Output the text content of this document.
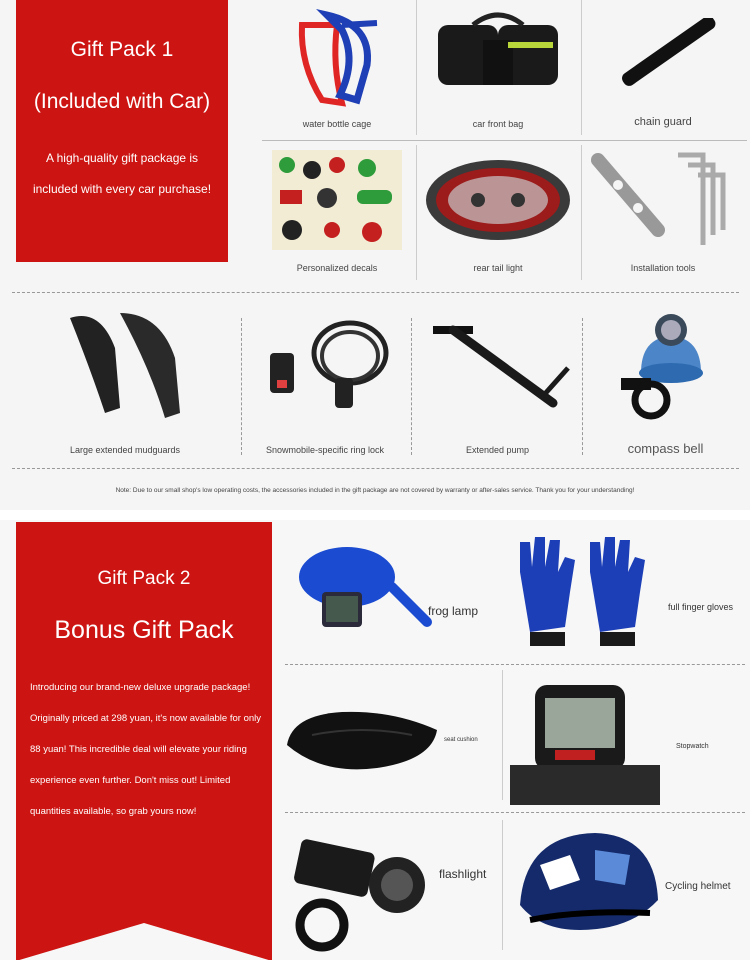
Gift Pack 1
(Included with Car)
A high-quality gift package is included with every car purchase!
water bottle cage	car front bag	chain guard
Personalized decals	rear tail light	Installation tools
Large extended mudguards	Snowmobile-specific ring lock	Extended pump	compass bell
Note: Due to our small shop's low operating costs, the accessories included in the gift package are not covered by warranty or after-sales service. Thank you for your understanding!
Gift Pack 2
Bonus Gift Pack
Introducing our brand-new deluxe upgrade package! Originally priced at 298 yuan, it's now available for only 88 yuan! This incredible deal will elevate your riding experience even further. Don't miss out! Limited quantities available, so grab yours now!
frog lamp	full finger gloves
seat cushion
Stopwatch
flashlight
Cycling helmet
